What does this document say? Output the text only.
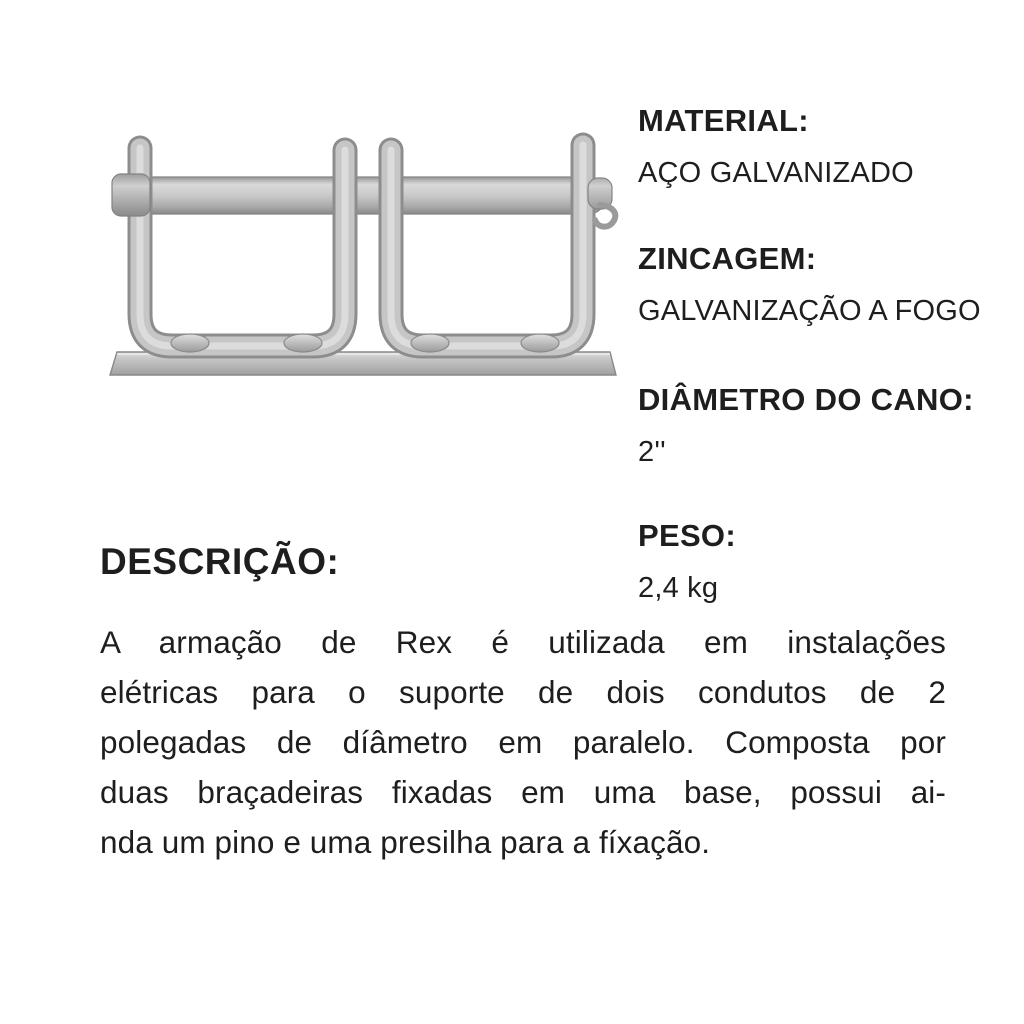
MATERIAL:
AÇO GALVANIZADO
ZINCAGEM:
GALVANIZAÇÃO A FOGO
DIÂMETRO DO CANO:
2''
PESO:
2,4 kg
DESCRIÇÃO:
A armação de Rex é utilizada em instalações
elétricas para o suporte de dois condutos de 2
polegadas de díâmetro em paralelo. Composta por
duas braçadeiras fixadas em uma base, possui ai-
nda um pino e uma presilha para a fíxação.
